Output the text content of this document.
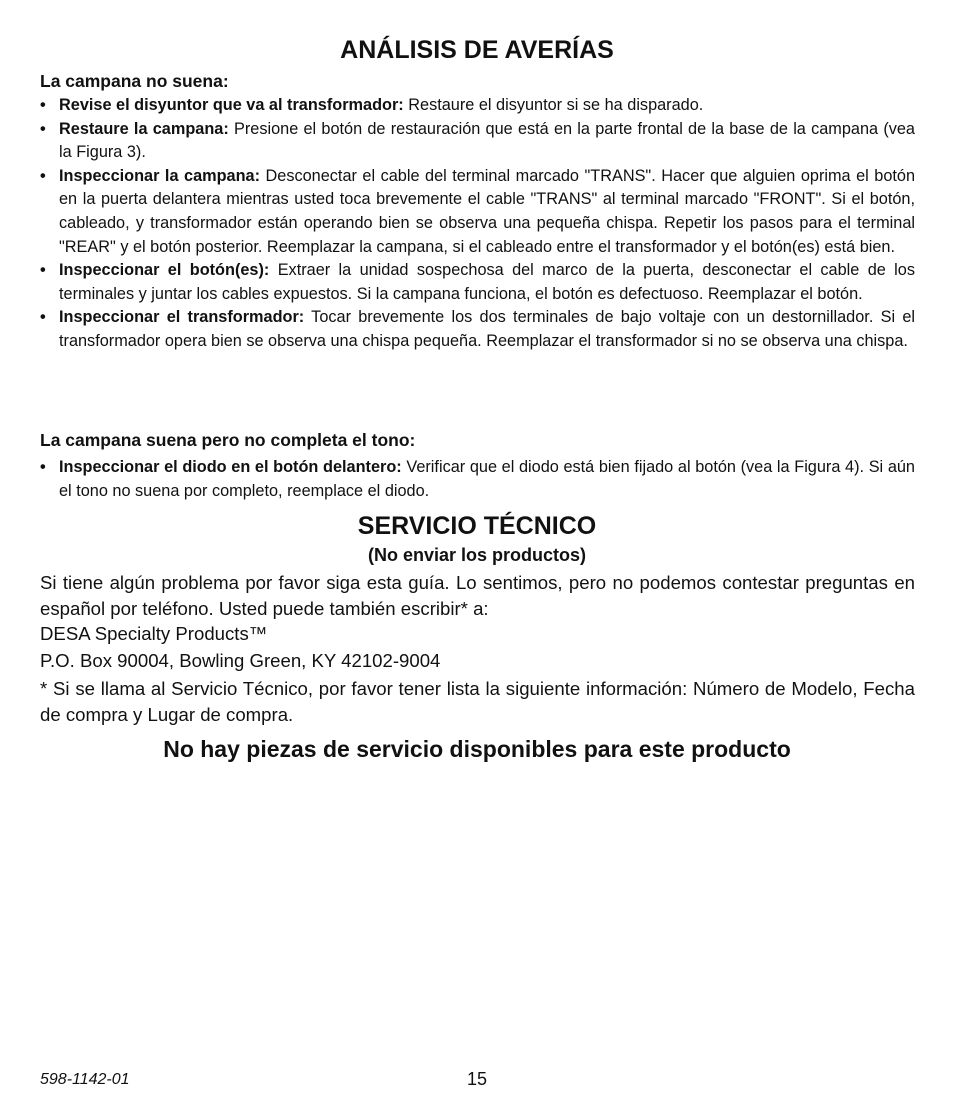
ANÁLISIS DE AVERÍAS

La campana no suena:

• Revise el disyuntor que va al transformador: Restaure el disyuntor si se ha disparado.
• Restaure la campana: Presione el botón de restauración que está en la parte frontal de la base de la campana (vea la Figura 3).
• Inspeccionar la campana: Desconectar el cable del terminal marcado "TRANS". Hacer que alguien oprima el botón en la puerta delantera mientras usted toca brevemente el cable "TRANS" al terminal marcado "FRONT". Si el botón, cableado, y transformador están operando bien se observa una pequeña chispa. Repetir los pasos para el terminal "REAR" y el botón posterior. Reemplazar la campana, si el cableado entre el transformador y el botón(es) está bien.
• Inspeccionar el botón(es): Extraer la unidad sospechosa del marco de la puerta, desconectar el cable de los terminales y juntar los cables expuestos. Si la campana funciona, el botón es defectuoso. Reemplazar el botón.
• Inspeccionar el transformador: Tocar brevemente los dos terminales de bajo voltaje con un destornillador. Si el transformador opera bien se observa una chispa pequeña. Reemplazar el transformador si no se observa una chispa.

La campana suena pero no completa el tono:

• Inspeccionar el diodo en el botón delantero: Verificar que el diodo está bien fijado al botón (vea la Figura 4). Si aún el tono no suena por completo, reemplace el diodo.
SERVICIO TÉCNICO

(No enviar los productos)

Si tiene algún problema por favor siga esta guía. Lo sentimos, pero no podemos contestar preguntas en español por teléfono. Usted puede también escribir* a:

DESA Specialty Products™

P.O. Box 90004, Bowling Green, KY 42102-9004

* Si se llama al Servicio Técnico, por favor tener lista la siguiente información: Número de Modelo, Fecha de compra y Lugar de compra.

No hay piezas de servicio disponibles para este producto

598-1142-01	15
